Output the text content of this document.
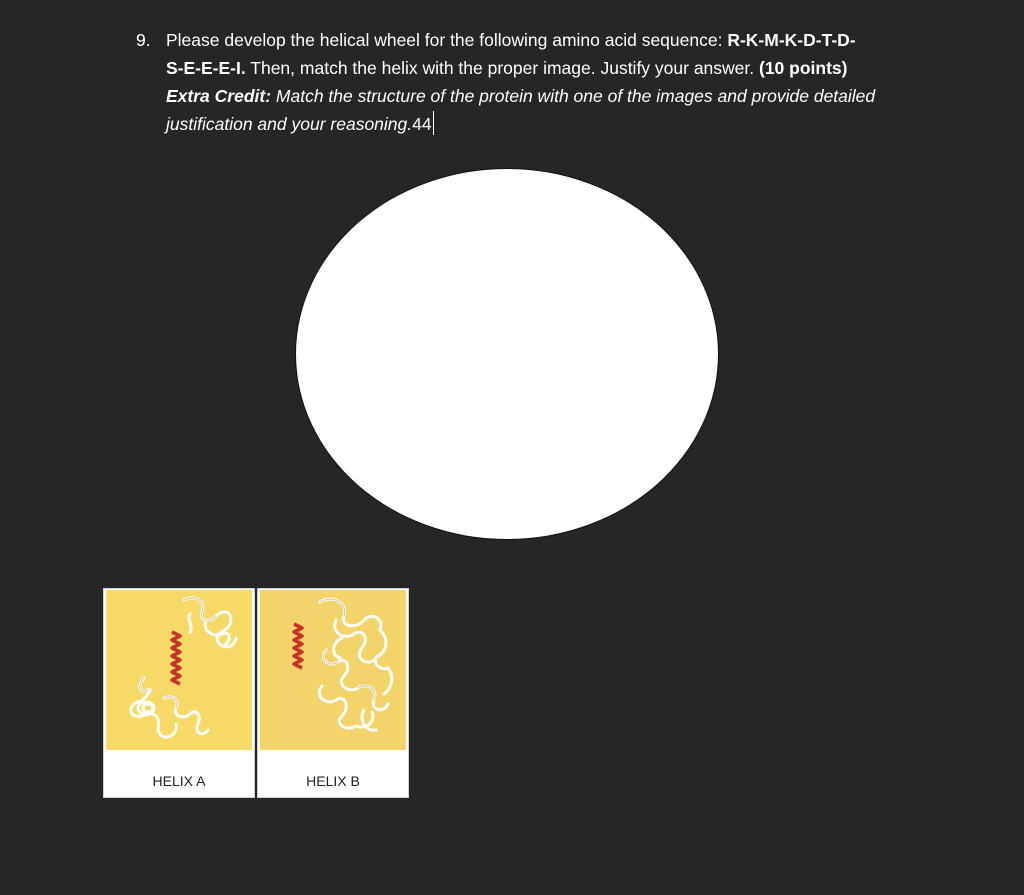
9. Please develop the helical wheel for the following amino acid sequence: R-K-M-K-D-T-D-
S-E-E-E-I. Then, match the helix with the proper image. Justify your answer. (10 points)
Extra Credit: Match the structure of the protein with one of the images and provide detailed justification and your reasoning.44
HELIX A	HELIX B
